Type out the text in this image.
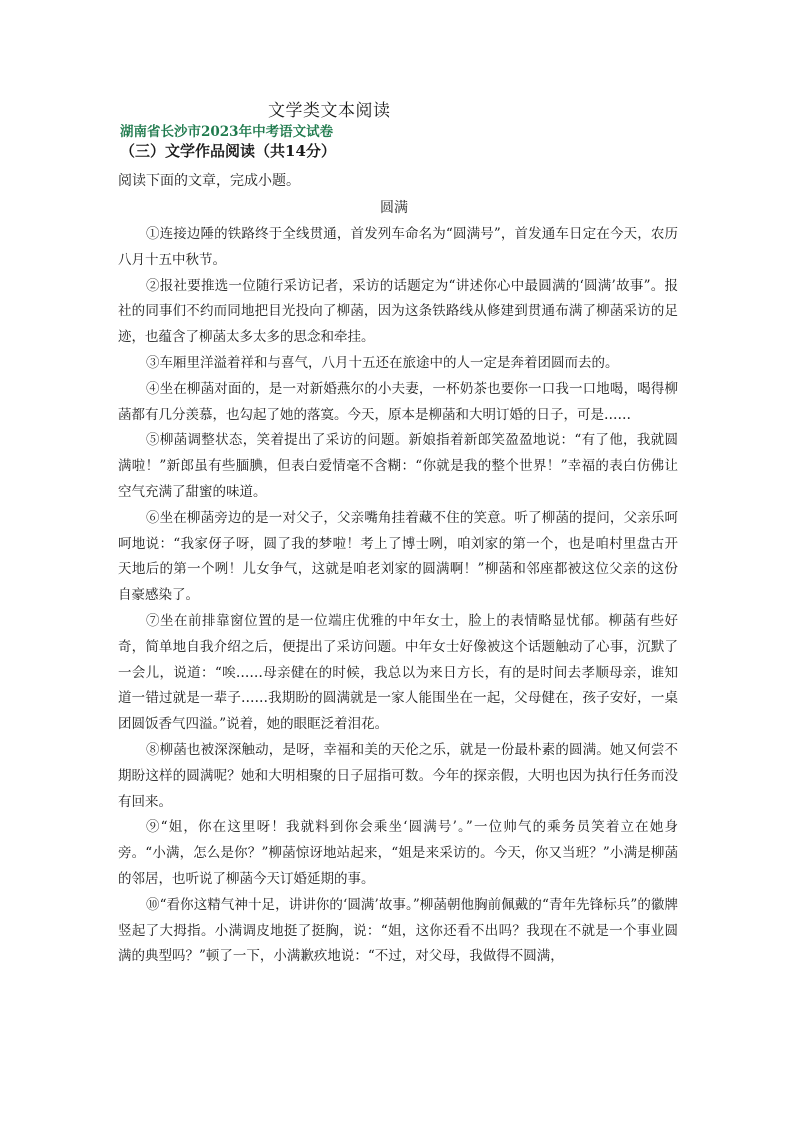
文学类文本阅读
湖南省长沙市2023年中考语文试卷
（三）文学作品阅读（共14分）
阅读下面的文章，完成小题。
圆满

①连接边陲的铁路终于全线贯通，首发列车命名为“圆满号”，首发通车日定在今天，农历八月十五中秋节。

②报社要推选一位随行采访记者，采访的话题定为“讲述你心中最圆满的‘圆满’故事”。报社的同事们不约而同地把目光投向了柳菡，因为这条铁路线从修建到贯通布满了柳菡采访的足迹，也蕴含了柳菡太多太多的思念和牵挂。

③车厢里洋溢着祥和与喜气，八月十五还在旅途中的人一定是奔着团圆而去的。

④坐在柳菡对面的，是一对新婚燕尔的小夫妻，一杯奶茶也要你一口我一口地喝，喝得柳菡都有几分羡慕，也勾起了她的落寞。今天，原本是柳菡和大明订婚的日子，可是……

⑤柳菡调整状态，笑着提出了采访的问题。新娘指着新郎笑盈盈地说：“有了他，我就圆满啦！”新郎虽有些腼腆，但表白爱情毫不含糊：“你就是我的整个世界！”幸福的表白仿佛让空气充满了甜蜜的味道。

⑥坐在柳菡旁边的是一对父子，父亲嘴角挂着藏不住的笑意。听了柳菡的提问，父亲乐呵呵地说：“我家伢子呀，圆了我的梦啦！考上了博士咧，咱刘家的第一个，也是咱村里盘古开天地后的第一个咧！儿女争气，这就是咱老刘家的圆满啊！”柳菡和邻座都被这位父亲的这份自豪感染了。

⑦坐在前排靠窗位置的是一位端庄优雅的中年女士，脸上的表情略显忧郁。柳菡有些好奇，简单地自我介绍之后，便提出了采访问题。中年女士好像被这个话题触动了心事，沉默了一会儿，说道：“唉……母亲健在的时候，我总以为来日方长，有的是时间去孝顺母亲，谁知道一错过就是一辈子……我期盼的圆满就是一家人能围坐在一起，父母健在，孩子安好，一桌团圆饭香气四溢。”说着，她的眼眶泛着泪花。

⑧柳菡也被深深触动，是呀，幸福和美的天伦之乐，就是一份最朴素的圆满。她又何尝不期盼这样的圆满呢？她和大明相聚的日子屈指可数。今年的探亲假，大明也因为执行任务而没有回来。

⑨“姐，你在这里呀！我就料到你会乘坐‘圆满号’。”一位帅气的乘务员笑着立在她身旁。“小满，怎么是你？”柳菡惊讶地站起来，“姐是来采访的。今天，你又当班？”小满是柳菡的邻居，也听说了柳菡今天订婚延期的事。

⑩“看你这精气神十足，讲讲你的‘圆满’故事。”柳菡朝他胸前佩戴的“青年先锋标兵”的徽牌竖起了大拇指。小满调皮地挺了挺胸，说：“姐，这你还看不出吗？我现在不就是一个事业圆满的典型吗？”顿了一下，小满歉疚地说：“不过，对父母，我做得不圆满，
